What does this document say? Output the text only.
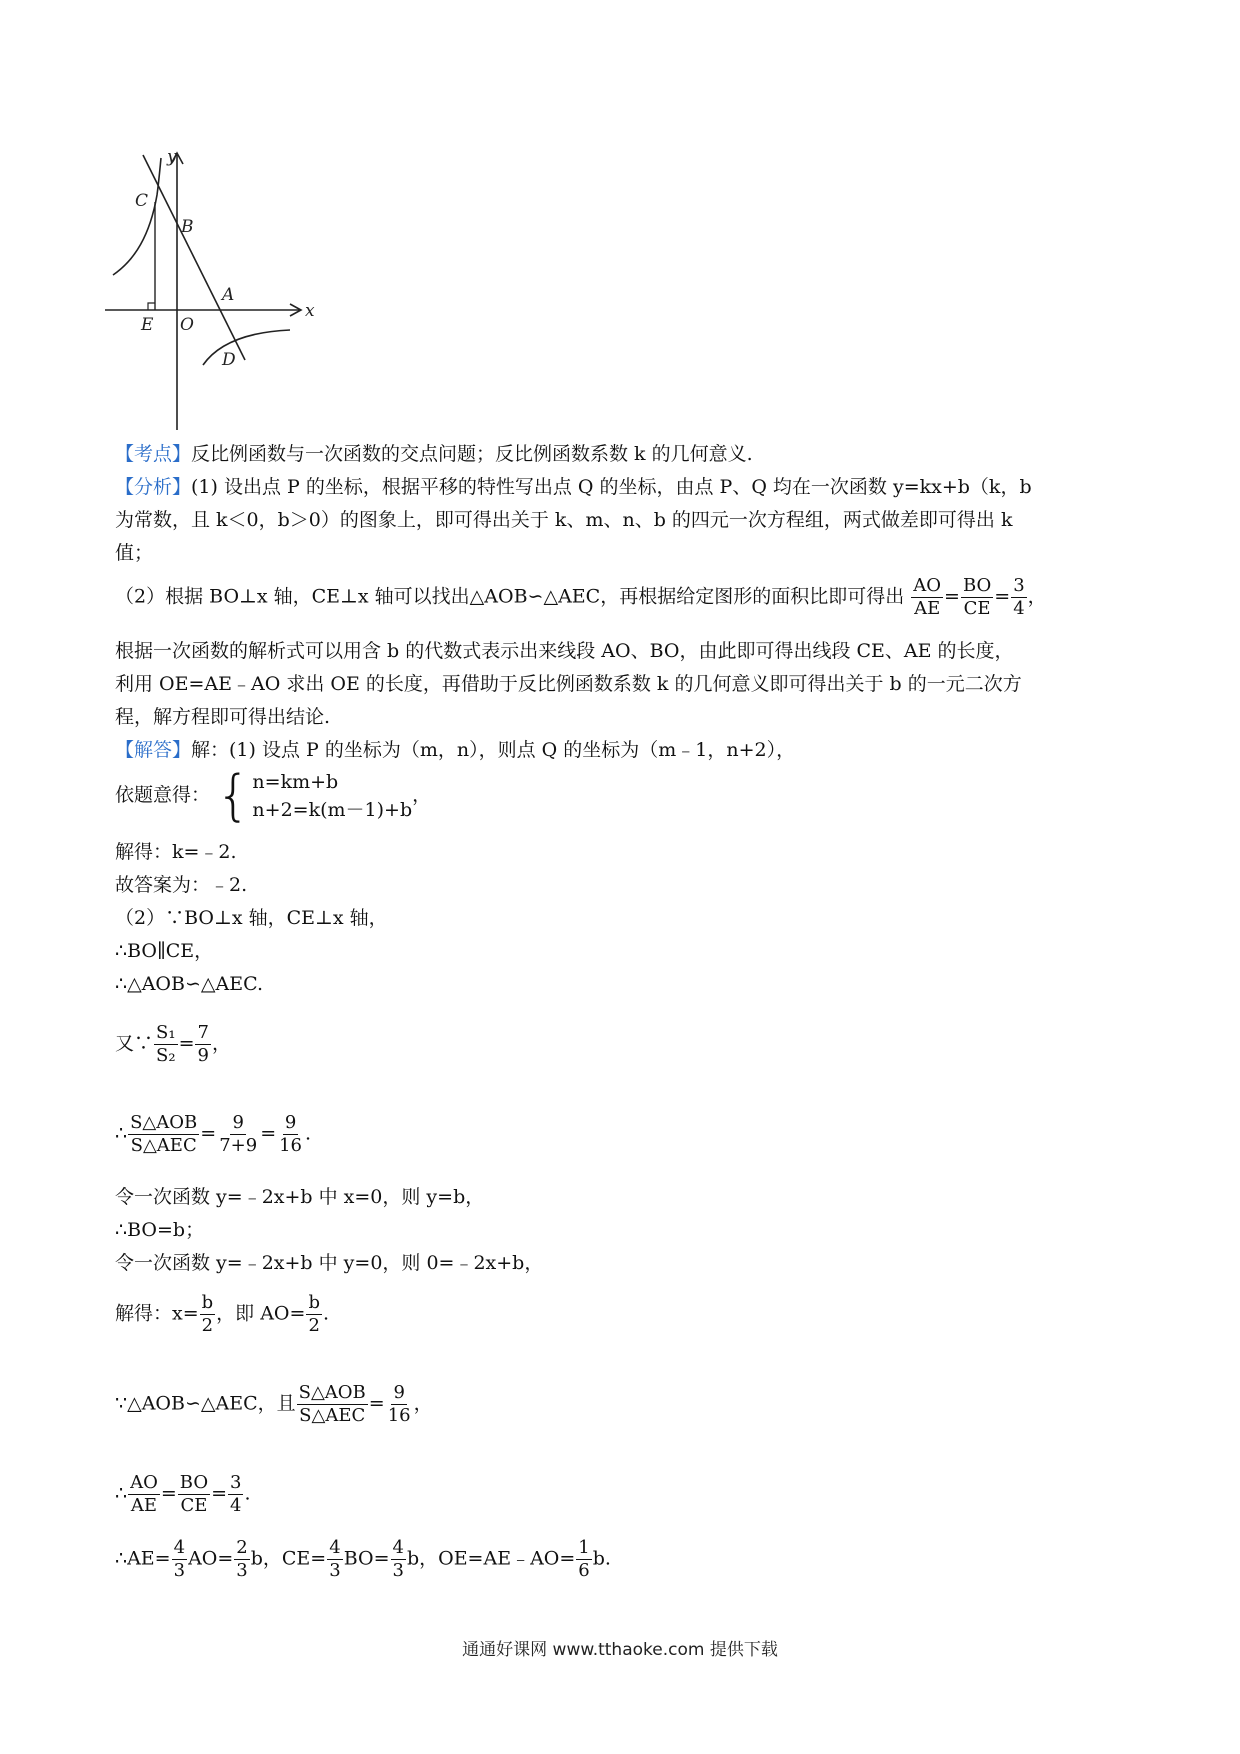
y
x
C
B
A
E O
D
【考点】反比例函数与一次函数的交点问题；反比例函数系数 k 的几何意义.
【分析】(1) 设出点 P 的坐标，根据平移的特性写出点 Q 的坐标，由点 P、Q 均在一次函数 y=kx+b（k，b
为常数，且 k＜0，b＞0）的图象上，即可得出关于 k、m、n、b 的四元一次方程组，两式做差即可得出 k
值；
（2）根据 BO⊥x 轴，CE⊥x 轴可以找出△AOB∽△AEC，再根据给定图形的面积比即可得出 $\frac{AO}{AE} = \frac{BO}{CE} = \frac{3}{4}$ ，
根据一次函数的解析式可以用含 b 的代数式表示出来线段 AO、BO，由此即可得出线段 CE、AE 的长度，
利用 OE=AE﹣AO 求出 OE 的长度，再借助于反比例函数系数 k 的几何意义即可得出关于 b 的一元二次方
程，解方程即可得出结论.
【解答】解：(1) 设点 P 的坐标为（m，n），则点 Q 的坐标为（m﹣1，n+2），
依题意得： { n=km+b
n+2=k(m－1)+b
，
解得：k=﹣2.
故答案为：﹣2.
（2）∵BO⊥x 轴，CE⊥x 轴，
∴BO∥CE，
∴△AOB∽△AEC.
又∵ $\frac{\text{S₁}}{\text{S₂}} = \frac{7}{9}$ ，
∴ $\frac{\text{S△AOB}}{\text{S△AEC}} = \frac{9}{7+9} = \frac{9}{16}$ .
令一次函数 y=﹣2x+b 中 x=0，则 y=b，
∴BO=b；
令一次函数 y=﹣2x+b 中 y=0，则 0=﹣2x+b，
解得：$x= \frac{b}{2}$ ，即 $AO= \frac{b}{2}$ .
∵△AOB∽△AEC，且 $\frac{\text{S△AOB}}{\text{S△AEC}} = \frac{9}{16}$ ，
∴ $\frac{AO}{AE} = \frac{BO}{CE} = \frac{3}{4}$ .
∴AE= $\frac{4}{3} AO= \frac{2}{3}$ b，$CE= \frac{4}{3} BO= \frac{4}{3}$ b，OE=AE﹣AO= $\frac{1}{6} b$.
通通好课网 www.tthaoke.com 提供下载
